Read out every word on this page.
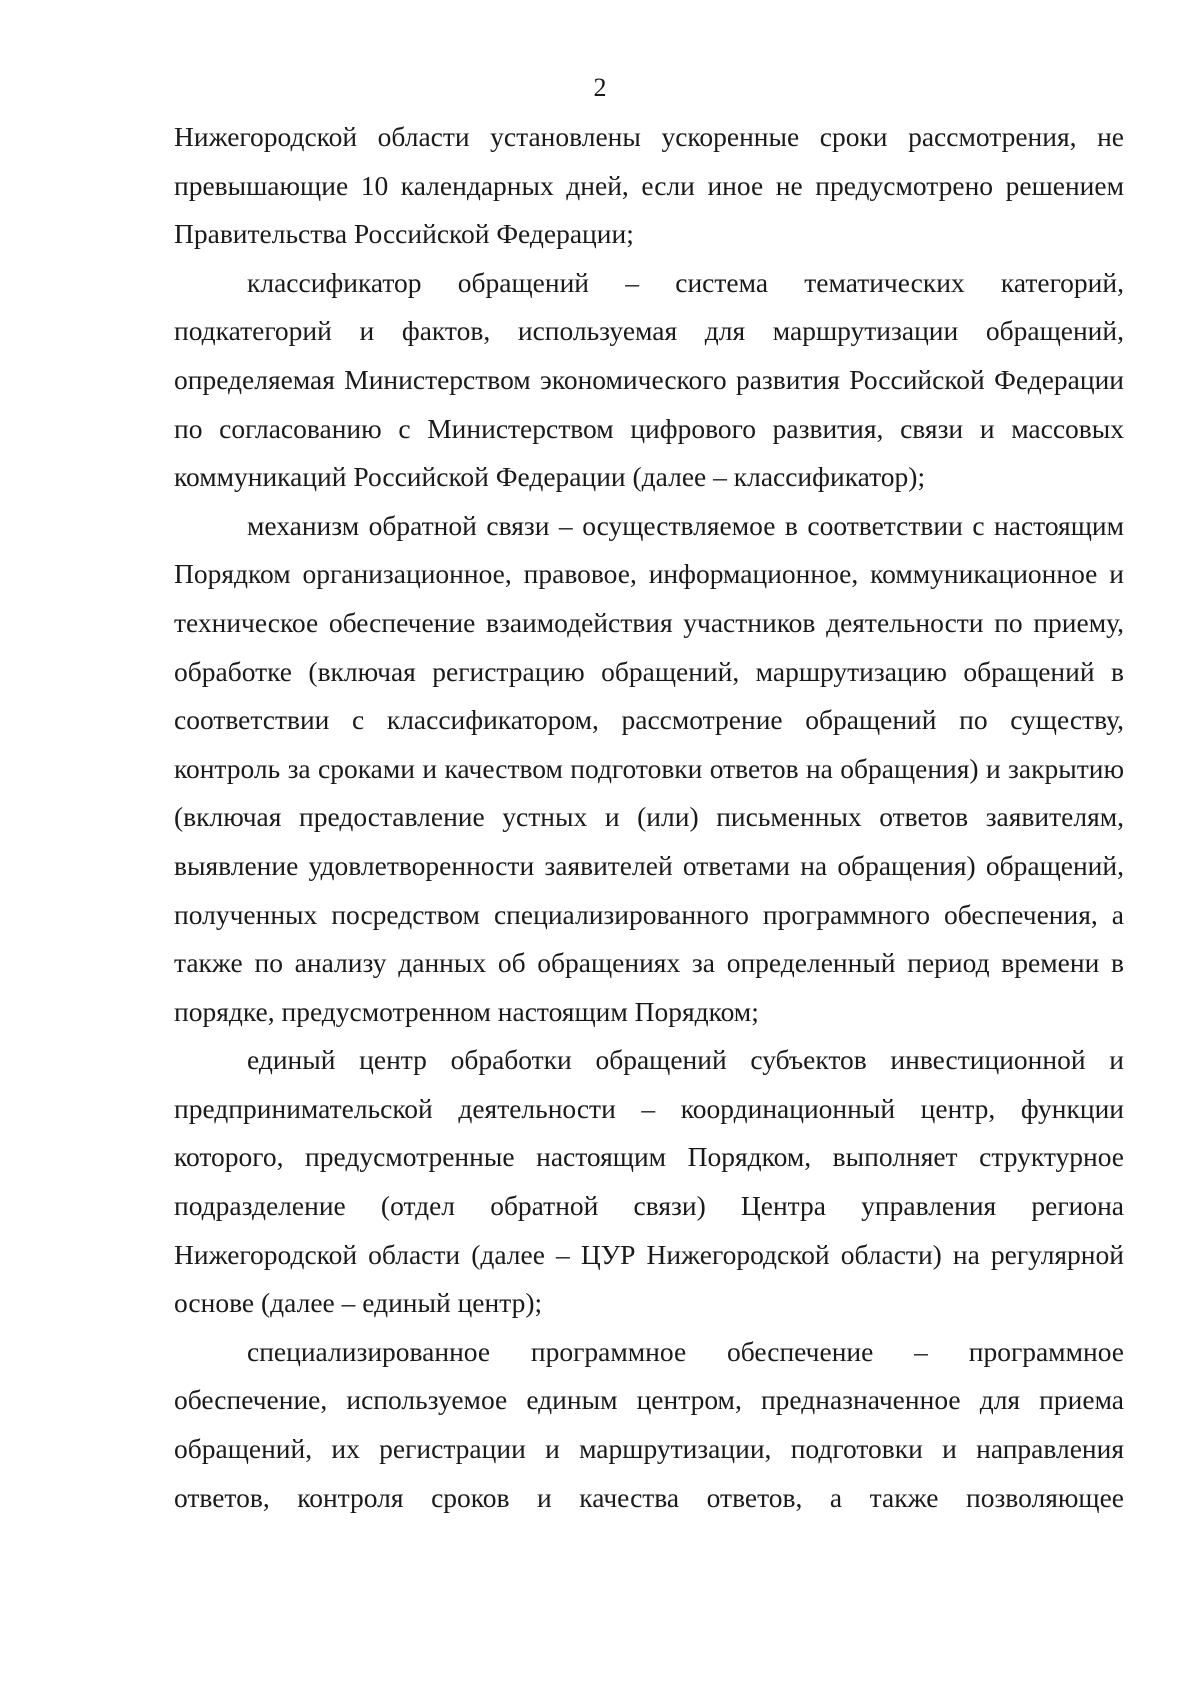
2

Нижегородской области установлены ускоренные сроки рассмотрения, не превышающие 10 календарных дней, если иное не предусмотрено решением Правительства Российской Федерации;

классификатор обращений – система тематических категорий, подкатегорий и фактов, используемая для маршрутизации обращений, определяемая Министерством экономического развития Российской Федерации по согласованию с Министерством цифрового развития, связи и массовых коммуникаций Российской Федерации (далее – классификатор);

механизм обратной связи – осуществляемое в соответствии с настоящим Порядком организационное, правовое, информационное, коммуникационное и техническое обеспечение взаимодействия участников деятельности по приему, обработке (включая регистрацию обращений, маршрутизацию обращений в соответствии с классификатором, рассмотрение обращений по существу, контроль за сроками и качеством подготовки ответов на обращения) и закрытию (включая предоставление устных и (или) письменных ответов заявителям, выявление удовлетворенности заявителей ответами на обращения) обращений, полученных посредством специализированного программного обеспечения, а также по анализу данных об обращениях за определенный период времени в порядке, предусмотренном настоящим Порядком;

единый центр обработки обращений субъектов инвестиционной и предпринимательской деятельности – координационный центр, функции которого, предусмотренные настоящим Порядком, выполняет структурное подразделение (отдел обратной связи) Центра управления региона Нижегородской области (далее – ЦУР Нижегородской области) на регулярной основе (далее – единый центр);

специализированное программное обеспечение – программное обеспечение, используемое единым центром, предназначенное для приема обращений, их регистрации и маршрутизации, подготовки и направления ответов, контроля сроков и качества ответов, а также позволяющее
